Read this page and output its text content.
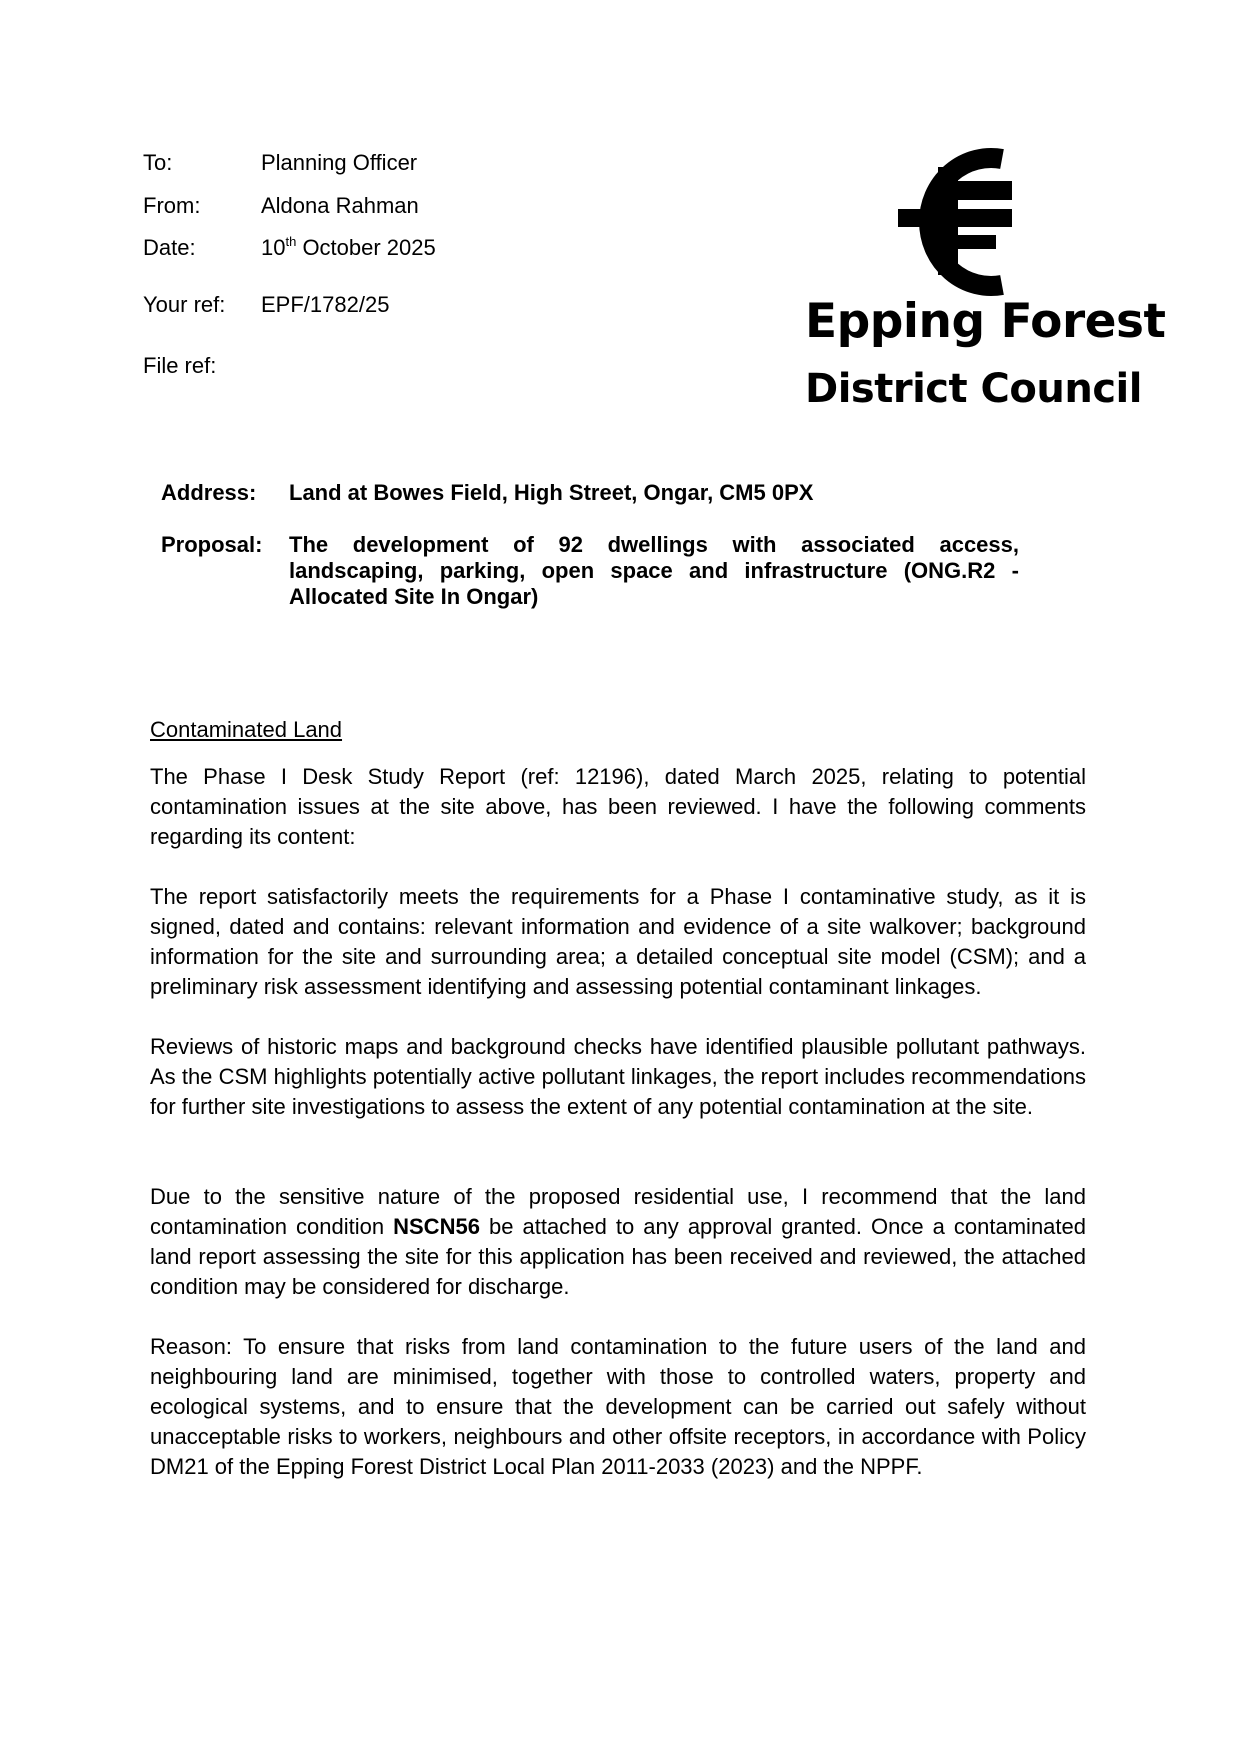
To:	Planning Officer
From:	Aldona Rahman
Date:	10th October 2025
Your ref: EPF/1782/25
File ref:
Epping Forest
District Council
Address: Land at Bowes Field, High Street, Ongar, CM5 0PX
Proposal: The development of 92 dwellings with associated access, landscaping, parking, open space and infrastructure (ONG.R2 - Allocated Site In Ongar)
Contaminated Land
The Phase I Desk Study Report (ref: 12196), dated March 2025, relating to potential contamination issues at the site above, has been reviewed. I have the following comments regarding its content:
The report satisfactorily meets the requirements for a Phase I contaminative study, as it is signed, dated and contains: relevant information and evidence of a site walkover; background information for the site and surrounding area; a detailed conceptual site model (CSM); and a preliminary risk assessment identifying and assessing potential contaminant linkages.
Reviews of historic maps and background checks have identified plausible pollutant pathways. As the CSM highlights potentially active pollutant linkages, the report includes recommendations for further site investigations to assess the extent of any potential contamination at the site.
Due to the sensitive nature of the proposed residential use, I recommend that the land contamination condition NSCN56 be attached to any approval granted. Once a contaminated land report assessing the site for this application has been received and reviewed, the attached condition may be considered for discharge.
Reason: To ensure that risks from land contamination to the future users of the land and neighbouring land are minimised, together with those to controlled waters, property and ecological systems, and to ensure that the development can be carried out safely without unacceptable risks to workers, neighbours and other offsite receptors, in accordance with Policy DM21 of the Epping Forest District Local Plan 2011-2033 (2023) and the NPPF.
